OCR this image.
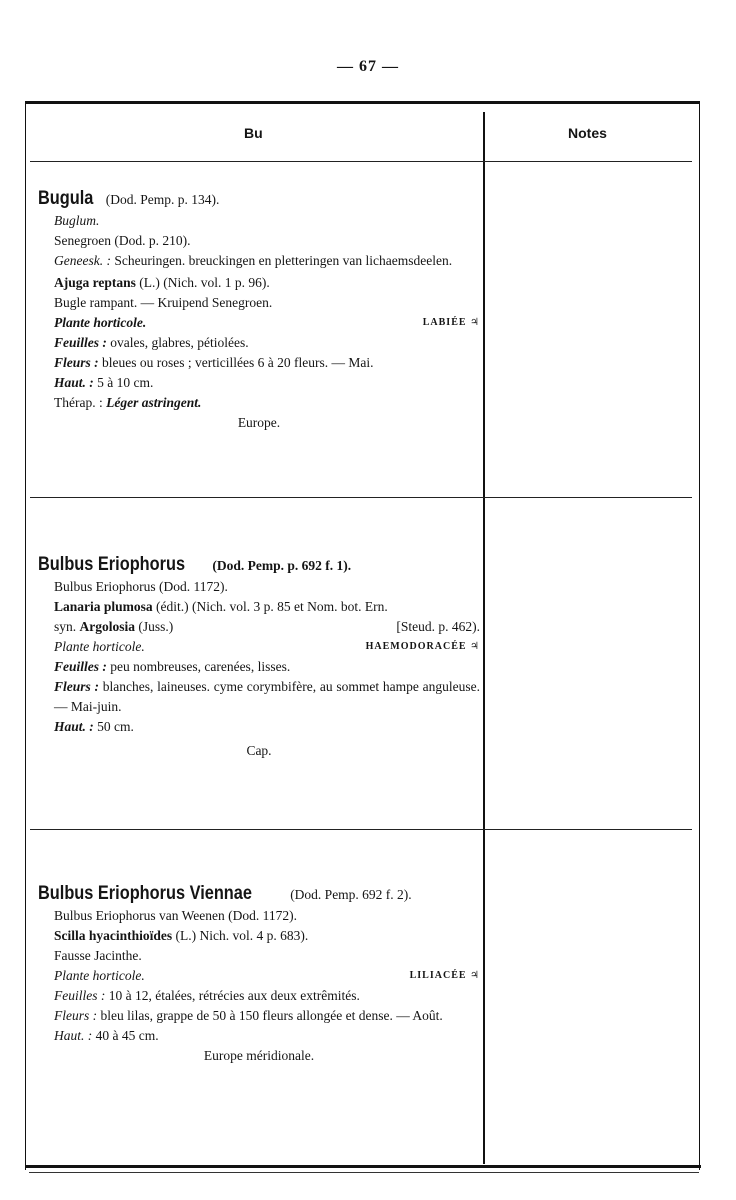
— 67 —
Bu	Notes
Bugula (Dod. Pemp. p. 134).
Buglum.
Senegroen (Dod. p. 210).
Geneesk. : Scheuringen. breuckingen en pletteringen van lichaemsdeelen.
Ajuga reptans (L.) (Nich. vol. 1 p. 96).
Bugle rampant. — Kruipend Senegroen.
Plante horticole.	LABIÉE ♃
Feuilles : ovales, glabres, pétiolées.
Fleurs : bleues ou roses ; verticillées 6 à 20 fleurs. — Mai.
Haut. : 5 à 10 cm.
Thérap. : Léger astringent.
Europe.
Bulbus Eriophorus (Dod. Pemp. p. 692 f. 1).
Bulbus Eriophorus (Dod. 1172).
Lanaria plumosa (édit.) (Nich. vol. 3 p. 85 et Nom. bot. Ern.
syn. Argolosia (Juss.)	[Steud. p. 462).
Plante horticole.	HAEMODORACÉE ♃
Feuilles : peu nombreuses, carenées, lisses.
Fleurs : blanches, laineuses. cyme corymbifère, au sommet hampe anguleuse. — Mai-juin.
Haut. : 50 cm.
Cap.
Bulbus Eriophorus Viennae	(Dod. Pemp. 692 f. 2).
Bulbus Eriophorus van Weenen (Dod. 1172).
Scilla hyacinthioïdes (L.) Nich. vol. 4 p. 683).
Fausse Jacinthe.
Plante horticole.	LILIACÉE ♃
Feuilles : 10 à 12, étalées, rétrécies aux deux extrêmités.
Fleurs : bleu lilas, grappe de 50 à 150 fleurs allongée et dense. — Août.
Haut. : 40 à 45 cm.
Europe méridionale.
